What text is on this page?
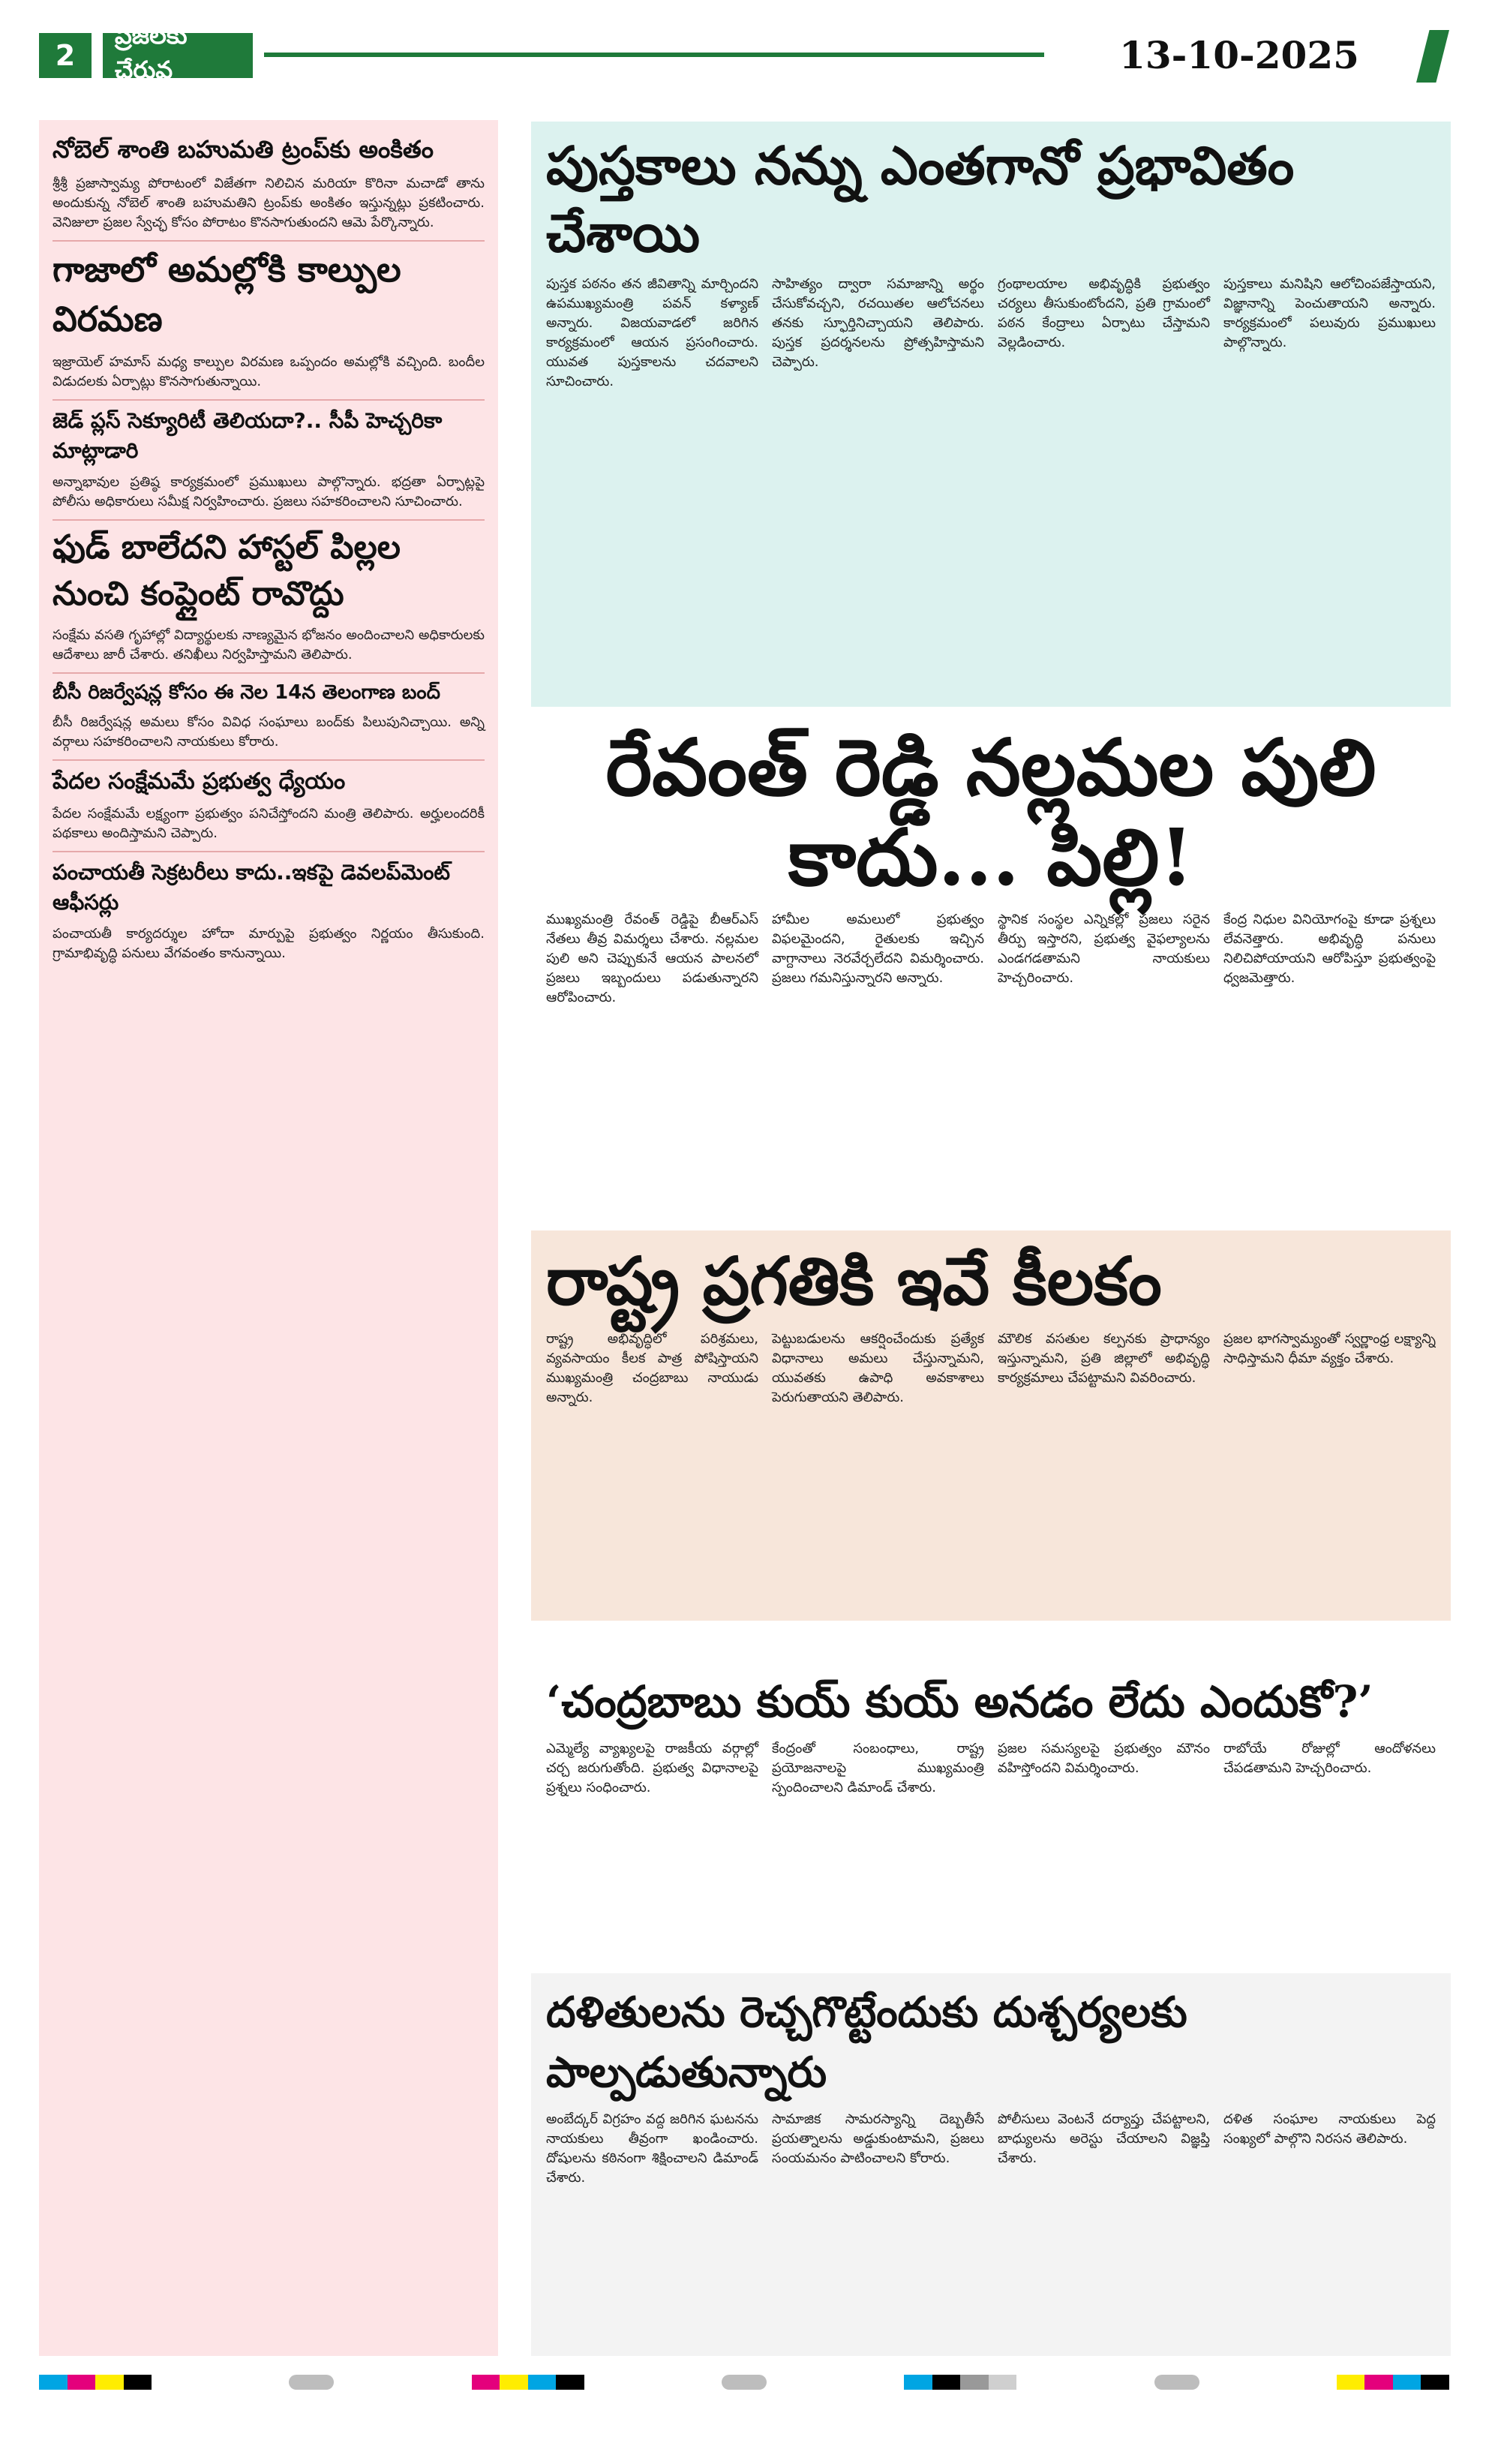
2
ప్రజలకు చేరువ	13-10-2025
నోబెల్ శాంతి బహుమతి ట్రంప్‌కు అంకితం

శ్రీశ్రీ ప్రజాస్వామ్య పోరాటంలో విజేతగా నిలిచిన మరియా కొరినా మచాడో తాను అందుకున్న నోబెల్ శాంతి బహుమతిని ట్రంప్‌కు అంకితం ఇస్తున్నట్లు ప్రకటించారు. వెనిజులా ప్రజల స్వేచ్ఛ కోసం పోరాటం కొనసాగుతుందని ఆమె పేర్కొన్నారు.

గాజాలో అమల్లోకి కాల్పుల విరమణ

ఇజ్రాయెల్ హమాస్ మధ్య కాల్పుల విరమణ ఒప్పందం అమల్లోకి వచ్చింది. బందీల విడుదలకు ఏర్పాట్లు కొనసాగుతున్నాయి.

జెడ్ ప్లస్ సెక్యూరిటీ తెలియదా?.. సీపీ హెచ్చరికా మాట్లాడారి

అన్నాభావుల ప్రతిష్ఠ కార్యక్రమంలో ప్రముఖులు పాల్గొన్నారు. భద్రతా ఏర్పాట్లపై పోలీసు అధికారులు సమీక్ష నిర్వహించారు. ప్రజలు సహకరించాలని సూచించారు.

ఫుడ్ బాలేదని హాస్టల్ పిల్లల నుంచి కంప్లైంట్ రావొద్దు

సంక్షేమ వసతి గృహాల్లో విద్యార్థులకు నాణ్యమైన భోజనం అందించాలని అధికారులకు ఆదేశాలు జారీ చేశారు. తనిఖీలు నిర్వహిస్తామని తెలిపారు.

బీసీ రిజర్వేషన్ల కోసం ఈ నెల 14న తెలంగాణ బంద్

బీసీ రిజర్వేషన్ల అమలు కోసం వివిధ సంఘాలు బంద్‌కు పిలుపునిచ్చాయి. అన్ని వర్గాలు సహకరించాలని నాయకులు కోరారు.

పేదల సంక్షేమమే ప్రభుత్వ ధ్యేయం

పేదల సంక్షేమమే లక్ష్యంగా ప్రభుత్వం పనిచేస్తోందని మంత్రి తెలిపారు. అర్హులందరికీ పథకాలు అందిస్తామని చెప్పారు.

పంచాయతీ సెక్రటరీలు కాదు..ఇకపై డెవలప్‌మెంట్ ఆఫీసర్లు

పంచాయతీ కార్యదర్శుల హోదా మార్పుపై ప్రభుత్వం నిర్ణయం తీసుకుంది. గ్రామాభివృద్ధి పనులు వేగవంతం కానున్నాయి.

పుస్తకాలు నన్ను ఎంతగానో ప్రభావితం చేశాయి

పుస్తక పఠనం తన జీవితాన్ని మార్చిందని ఉపముఖ్యమంత్రి పవన్ కళ్యాణ్ అన్నారు. విజయవాడలో జరిగిన కార్యక్రమంలో ఆయన ప్రసంగించారు. యువత పుస్తకాలను చదవాలని సూచించారు.

సాహిత్యం ద్వారా సమాజాన్ని అర్థం చేసుకోవచ్చని, రచయితల ఆలోచనలు తనకు స్ఫూర్తినిచ్చాయని తెలిపారు. పుస్తక ప్రదర్శనలను ప్రోత్సహిస్తామని చెప్పారు.

గ్రంథాలయాల అభివృద్ధికి ప్రభుత్వం చర్యలు తీసుకుంటోందని, ప్రతి గ్రామంలో పఠన కేంద్రాలు ఏర్పాటు చేస్తామని వెల్లడించారు.

పుస్తకాలు మనిషిని ఆలోచింపజేస్తాయని, విజ్ఞానాన్ని పెంచుతాయని అన్నారు. కార్యక్రమంలో పలువురు ప్రముఖులు పాల్గొన్నారు.

రేవంత్ రెడ్డి నల్లమల పులి కాదు... పిల్లి!

ముఖ్యమంత్రి రేవంత్ రెడ్డిపై బీఆర్ఎస్ నేతలు తీవ్ర విమర్శలు చేశారు. నల్లమల పులి అని చెప్పుకునే ఆయన పాలనలో ప్రజలు ఇబ్బందులు పడుతున్నారని ఆరోపించారు.

హామీల అమలులో ప్రభుత్వం విఫలమైందని, రైతులకు ఇచ్చిన వాగ్దానాలు నెరవేర్చలేదని విమర్శించారు. ప్రజలు గమనిస్తున్నారని అన్నారు.

స్థానిక సంస్థల ఎన్నికల్లో ప్రజలు సరైన తీర్పు ఇస్తారని, ప్రభుత్వ వైఫల్యాలను ఎండగడతామని నాయకులు హెచ్చరించారు.

కేంద్ర నిధుల వినియోగంపై కూడా ప్రశ్నలు లేవనెత్తారు. అభివృద్ధి పనులు నిలిచిపోయాయని ఆరోపిస్తూ ప్రభుత్వంపై ధ్వజమెత్తారు.

రాష్ట్ర ప్రగతికి ఇవే కీలకం

రాష్ట్ర అభివృద్ధిలో పరిశ్రమలు, వ్యవసాయం కీలక పాత్ర పోషిస్తాయని ముఖ్యమంత్రి చంద్రబాబు నాయుడు అన్నారు.

పెట్టుబడులను ఆకర్షించేందుకు ప్రత్యేక విధానాలు అమలు చేస్తున్నామని, యువతకు ఉపాధి అవకాశాలు పెరుగుతాయని తెలిపారు.

మౌలిక వసతుల కల్పనకు ప్రాధాన్యం ఇస్తున్నామని, ప్రతి జిల్లాలో అభివృద్ధి కార్యక్రమాలు చేపట్టామని వివరించారు.

ప్రజల భాగస్వామ్యంతో స్వర్ణాంధ్ర లక్ష్యాన్ని సాధిస్తామని ధీమా వ్యక్తం చేశారు.

‘చంద్రబాబు కుయ్ కుయ్ అనడం లేదు ఎందుకో?’

ఎమ్మెల్యే వ్యాఖ్యలపై రాజకీయ వర్గాల్లో చర్చ జరుగుతోంది. ప్రభుత్వ విధానాలపై ప్రశ్నలు సంధించారు.

కేంద్రంతో సంబంధాలు, రాష్ట్ర ప్రయోజనాలపై ముఖ్యమంత్రి స్పందించాలని డిమాండ్ చేశారు.

ప్రజల సమస్యలపై ప్రభుత్వం మౌనం వహిస్తోందని విమర్శించారు.

రాబోయే రోజుల్లో ఆందోళనలు చేపడతామని హెచ్చరించారు.

దళితులను రెచ్చగొట్టేందుకు దుశ్చర్యలకు పాల్పడుతున్నారు

అంబేద్కర్ విగ్రహం వద్ద జరిగిన ఘటనను నాయకులు తీవ్రంగా ఖండించారు. దోషులను కఠినంగా శిక్షించాలని డిమాండ్ చేశారు.

సామాజిక సామరస్యాన్ని దెబ్బతీసే ప్రయత్నాలను అడ్డుకుంటామని, ప్రజలు సంయమనం పాటించాలని కోరారు.

పోలీసులు వెంటనే దర్యాప్తు చేపట్టాలని, బాధ్యులను అరెస్టు చేయాలని విజ్ఞప్తి చేశారు.

దళిత సంఘాల నాయకులు పెద్ద సంఖ్యలో పాల్గొని నిరసన తెలిపారు.
